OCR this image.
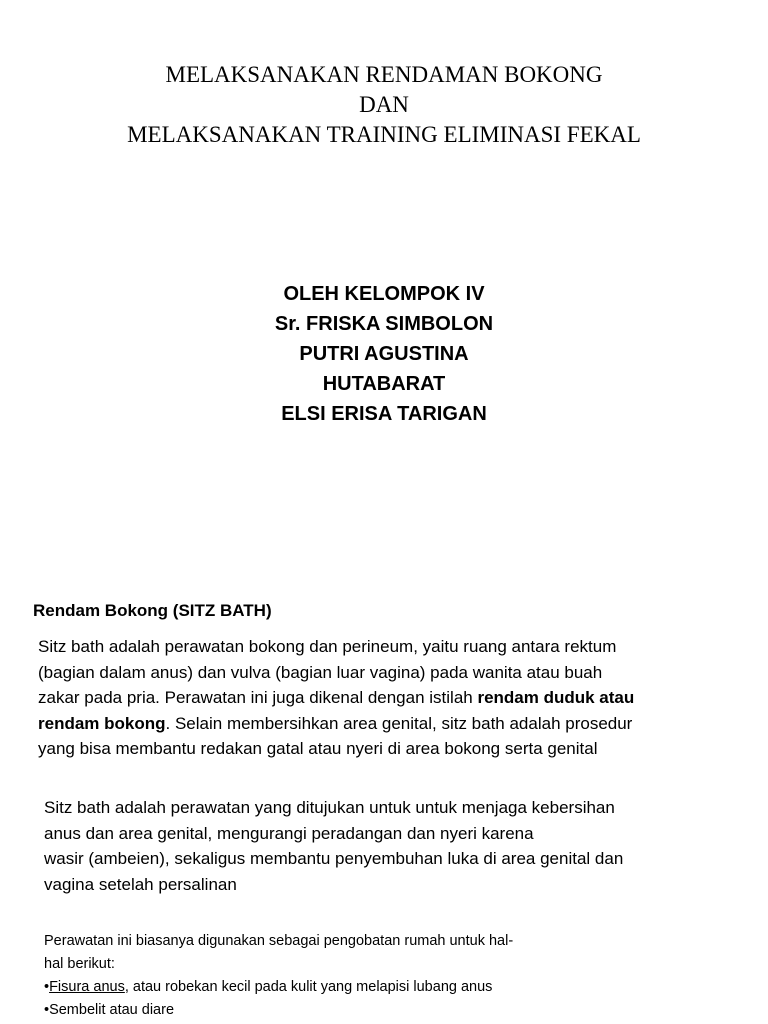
MELAKSANAKAN RENDAMAN BOKONG
DAN
MELAKSANAKAN TRAINING ELIMINASI FEKAL
OLEH KELOMPOK IV
Sr. FRISKA SIMBOLON
PUTRI AGUSTINA
HUTABARAT
ELSI ERISA TARIGAN
Rendam Bokong (SITZ BATH)
Sitz bath adalah perawatan bokong dan perineum, yaitu ruang antara rektum
(bagian dalam anus) dan vulva (bagian luar vagina) pada wanita atau buah
zakar pada pria. Perawatan ini juga dikenal dengan istilah rendam duduk atau
rendam bokong. Selain membersihkan area genital, sitz bath adalah prosedur
yang bisa membantu redakan gatal atau nyeri di area bokong serta genital
Sitz bath adalah perawatan yang ditujukan untuk untuk menjaga kebersihan
anus dan area genital, mengurangi peradangan dan nyeri karena
wasir (ambeien), sekaligus membantu penyembuhan luka di area genital dan
vagina setelah persalinan
Perawatan ini biasanya digunakan sebagai pengobatan rumah untuk hal-
hal berikut:
•Fisura anus, atau robekan kecil pada kulit yang melapisi lubang anus
•Sembelit atau diare
